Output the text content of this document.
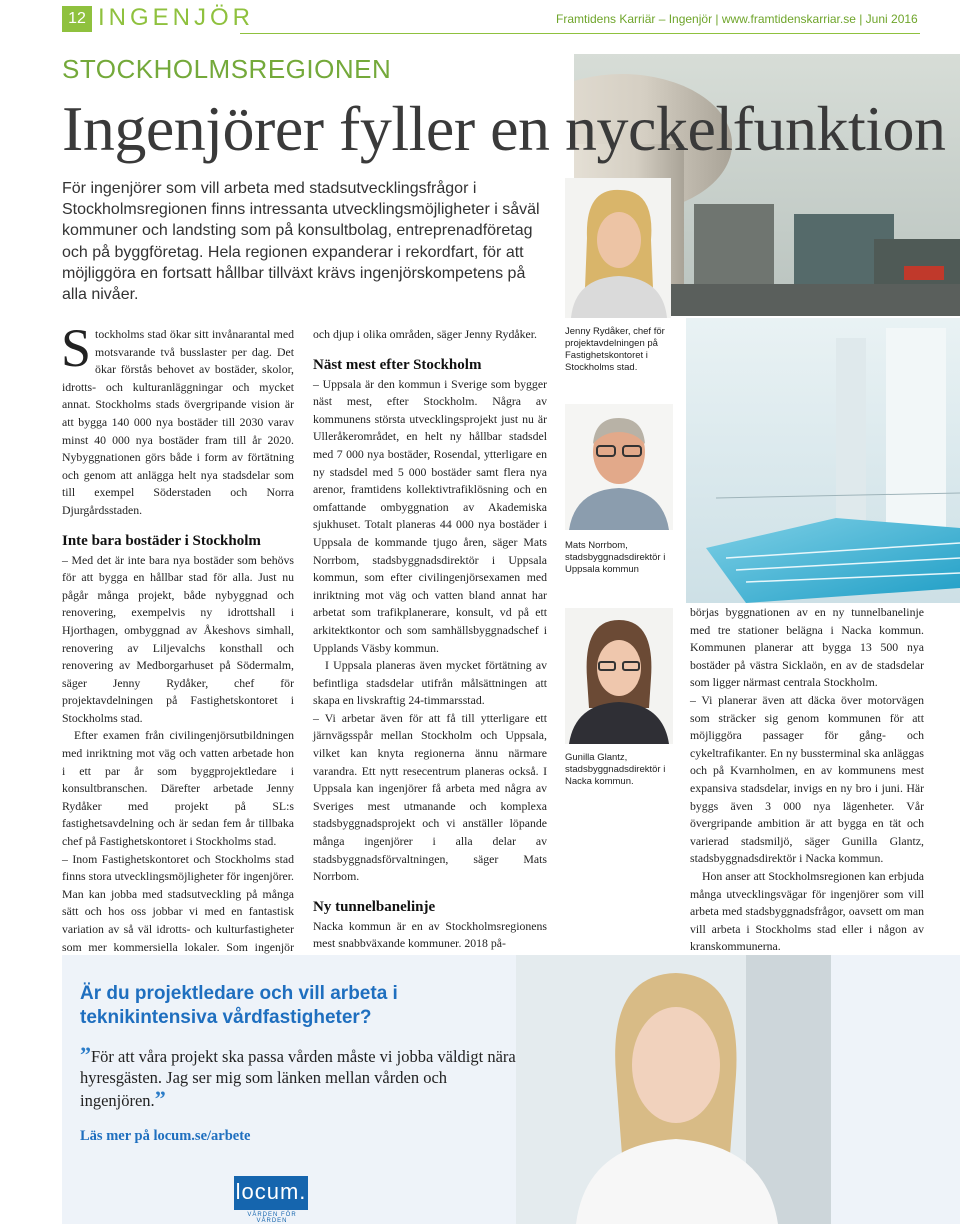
12 INGENJÖR	Framtidens Karriär – Ingenjör | www.framtidenskarriar.se | Juni 2016
STOCKHOLMSREGIONEN
Ingenjörer fyller en nyckelfunktion
För ingenjörer som vill arbeta med stadsutvecklingsfrågor i Stockholmsregionen finns intressanta utvecklingsmöjligheter i såväl kommuner och landsting som på konsultbolag, entreprenadföretag och på byggföretag. Hela regionen expanderar i rekordfart, för att möjliggöra en fortsatt hållbar tillväxt krävs ingenjörskompetens på alla nivåer.
Jenny Rydåker, chef för projektavdelningen på Fastighetskontoret i Stockholms stad.
Mats Norrbom, stadsbyggnadsdirektör i Uppsala kommun
Gunilla Glantz, stadsbyggnadsdirektör i Nacka kommun.

Stockholms stad ökar sitt invånarantal med motsvarande två busslaster per dag. Det ökar förstås behovet av bostäder, skolor, idrotts- och kulturanläggningar och mycket annat. Stockholms stads övergripande vision är att bygga 140 000 nya bostäder till 2030 varav minst 40 000 nya bostäder fram till år 2020. Nybyggnationen görs både i form av förtätning och genom att anlägga helt nya stadsdelar som till exempel Söderstaden och Norra Djurgårdsstaden.

Inte bara bostäder i Stockholm

– Med det är inte bara nya bostäder som behövs för att bygga en hållbar stad för alla. Just nu pågår många projekt, både nybyggnad och renovering, exempelvis ny idrottshall i Hjorthagen, ombyggnad av Åkeshovs simhall, renovering av Liljevalchs konsthall och renovering av Medborgarhuset på Södermalm, säger Jenny Rydåker, chef för projektavdelningen på Fastighetskontoret i Stockholms stad.

Efter examen från civilingenjörsutbildningen med inriktning mot väg och vatten arbetade hon i ett par år som byggprojektledare i konsultbranschen. Därefter arbetade Jenny Rydåker med projekt på SL:s fastighetsavdelning och är sedan fem år tillbaka chef på Fastighetskontoret i Stockholms stad.

– Inom Fastighetskontoret och Stockholms stad finns stora utvecklingsmöjligheter för ingenjörer. Man kan jobba med stadsutveckling på många sätt och hos oss jobbar vi med en fantastisk variation av så väl idrotts- och kulturfastigheter som mer kommersiella lokaler. Som ingenjör

och djup i olika områden, säger Jenny Rydåker.

Näst mest efter Stockholm

– Uppsala är den kommun i Sverige som bygger näst mest, efter Stockholm. Några av kommunens största utvecklingsprojekt just nu är Ulleråkerområdet, en helt ny hållbar stadsdel med 7 000 nya bostäder, Rosendal, ytterligare en ny stadsdel med 5 000 bostäder samt flera nya arenor, framtidens kollektivtrafiklösning och en omfattande ombyggnation av Akademiska sjukhuset. Totalt planeras 44 000 nya bostäder i Uppsala de kommande tjugo åren, säger Mats Norrbom, stadsbyggnadsdirektör i Uppsala kommun, som efter civilingenjörsexamen med inriktning mot väg och vatten bland annat har arbetat som trafikplanerare, konsult, vd på ett arkitektkontor och som samhällsbyggnadschef i Upplands Väsby kommun.

I Uppsala planeras även mycket förtätning av befintliga stadsdelar utifrån målsättningen att skapa en livskraftig 24-timmarsstad.

– Vi arbetar även för att få till ytterligare ett järnvägsspår mellan Stockholm och Uppsala, vilket kan knyta regionerna ännu närmare varandra. Ett nytt resecentrum planeras också. I Uppsala kan ingenjörer få arbeta med några av Sveriges mest utmanande och komplexa stadsbyggnadsprojekt och vi anställer löpande många ingenjörer i alla delar av stadsbyggnadsförvaltningen, säger Mats Norrbom.

Ny tunnelbanelinje

Nacka kommun är en av Stockholmsregionens mest snabbväxande kommuner. 2018 på-

börjas byggnationen av en ny tunnelbanelinje med tre stationer belägna i Nacka kommun. Kommunen planerar att bygga 13 500 nya bostäder på västra Sicklaön, en av de stadsdelar som ligger närmast centrala Stockholm.

– Vi planerar även att däcka över motorvägen som sträcker sig genom kommunen för att möjliggöra passager för gång- och cykeltrafikanter. En ny bussterminal ska anläggas och på Kvarnholmen, en av kommunens mest expansiva stadsdelar, invigs en ny bro i juni. Här byggs även 3 000 nya lägenheter. Vår övergripande ambition är att bygga en tät och varierad stadsmiljö, säger Gunilla Glantz, stadsbyggnadsdirektör i Nacka kommun.

Hon anser att Stockholmsregionen kan erbjuda många utvecklingsvägar för ingenjörer som vill arbeta med stadsbyggnadsfrågor, oavsett om man vill arbeta i Stockholms stad eller i någon av kranskommunerna.

Är du projektledare och vill arbeta i teknikintensiva vårdfastigheter?
”För att våra projekt ska passa vården måste vi jobba väldigt nära hyresgästen. Jag ser mig som länken mellan vården och ingenjören.”
Läs mer på locum.se/arbete
locum.
VÅRDEN FÖR VÅRDEN
